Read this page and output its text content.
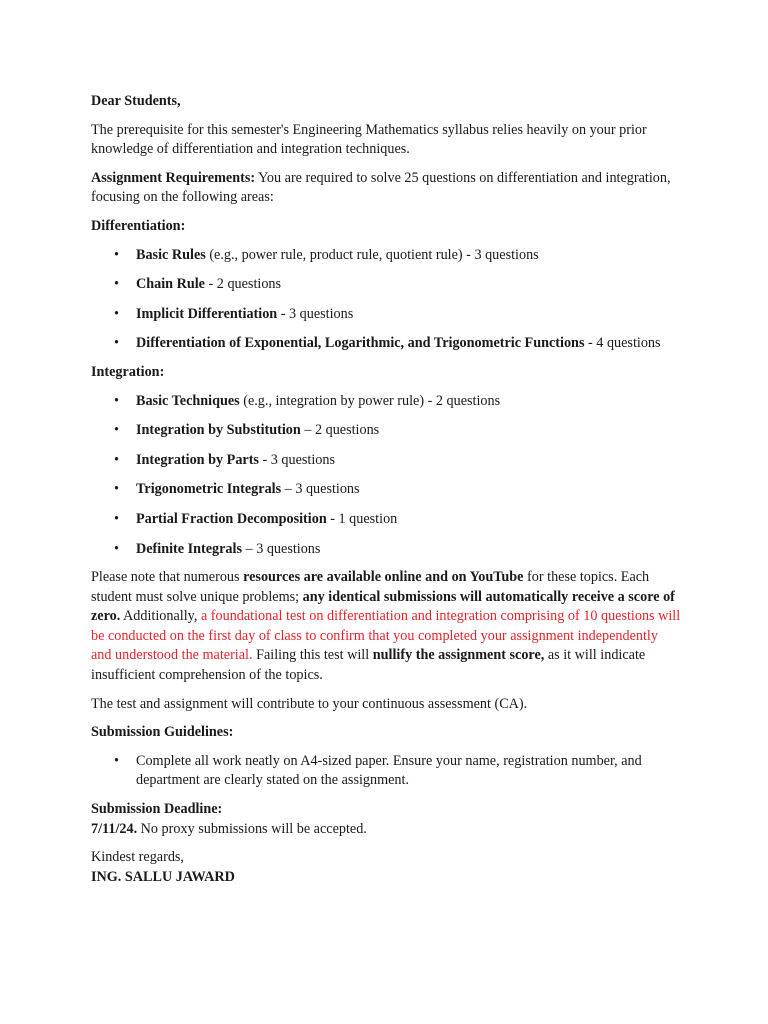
Dear Students,

The prerequisite for this semester's Engineering Mathematics syllabus relies heavily on your prior knowledge of differentiation and integration techniques.

Assignment Requirements: You are required to solve 25 questions on differentiation and integration, focusing on the following areas:

Differentiation:

• Basic Rules (e.g., power rule, product rule, quotient rule) - 3 questions
• Chain Rule - 2 questions
• Implicit Differentiation - 3 questions
• Differentiation of Exponential, Logarithmic, and Trigonometric Functions - 4 questions

Integration:

• Basic Techniques (e.g., integration by power rule) - 2 questions
• Integration by Substitution – 2 questions
• Integration by Parts - 3 questions
• Trigonometric Integrals – 3 questions
• Partial Fraction Decomposition - 1 question
• Definite Integrals – 3 questions

Please note that numerous resources are available online and on YouTube for these topics. Each student must solve unique problems; any identical submissions will automatically receive a score of zero. Additionally, a foundational test on differentiation and integration comprising of 10 questions will be conducted on the first day of class to confirm that you completed your assignment independently and understood the material. Failing this test will nullify the assignment score, as it will indicate insufficient comprehension of the topics.

The test and assignment will contribute to your continuous assessment (CA).

Submission Guidelines:

• Complete all work neatly on A4-sized paper. Ensure your name, registration number, and department are clearly stated on the assignment.

Submission Deadline:

7/11/24. No proxy submissions will be accepted.

Kindest regards,

ING. SALLU JAWARD
